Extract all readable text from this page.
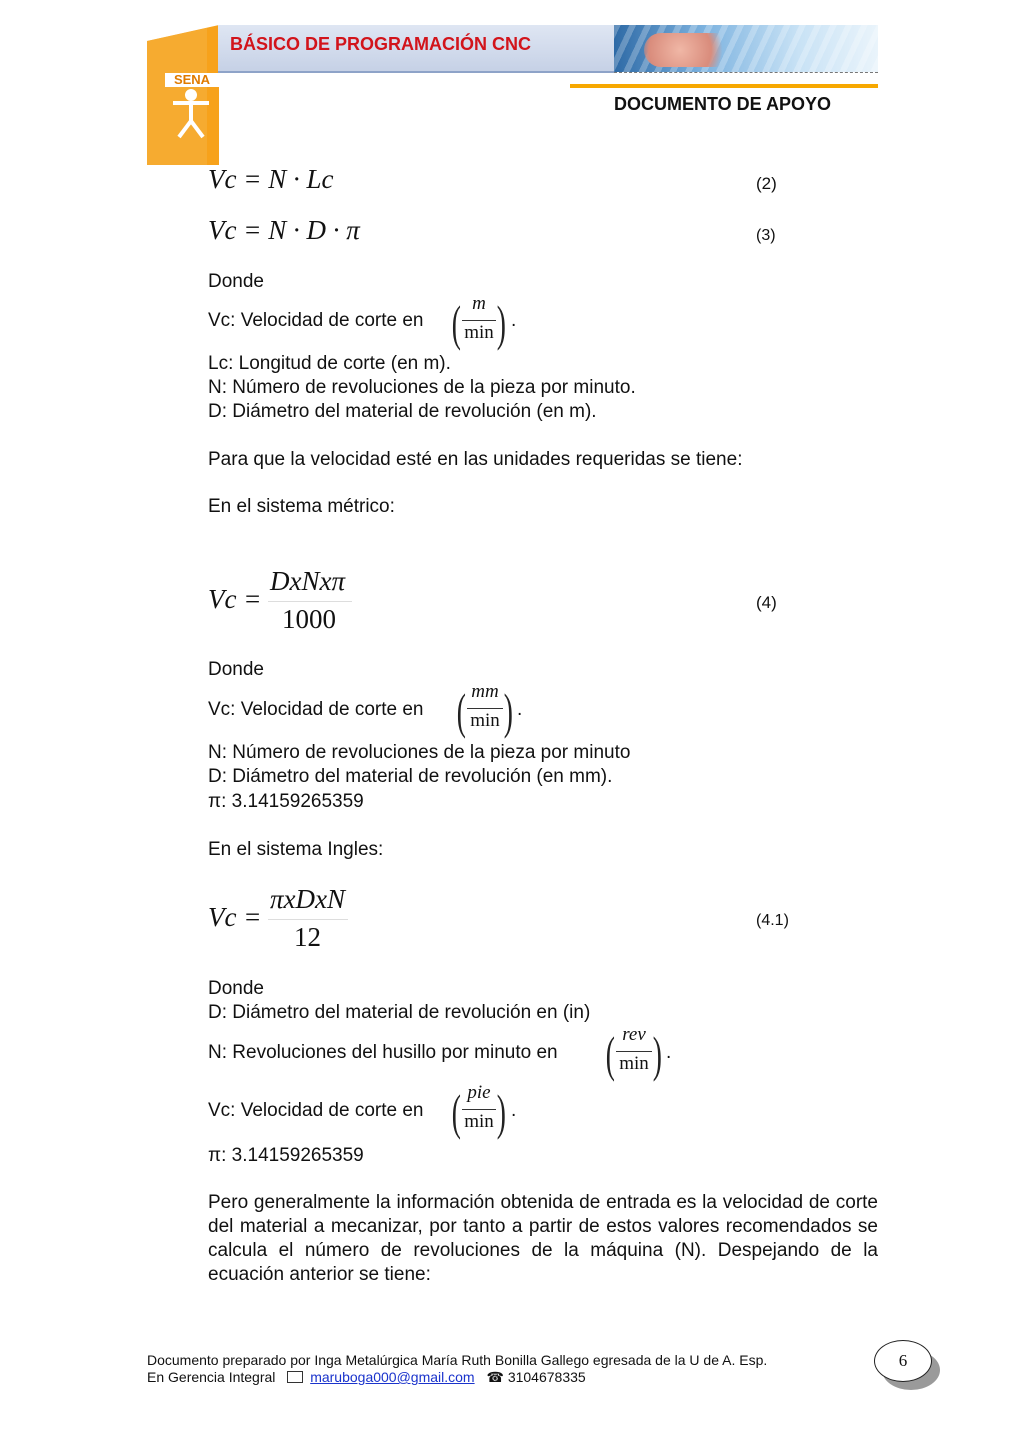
SENA
BÁSICO DE PROGRAMACIÓN CNC
DOCUMENTO DE APOYO
Vc = N · Lc	(2)
Vc = N · D · π	(3)
Donde
Vc: Velocidad de corte en ( m
min ) .
Lc: Longitud de corte (en m).
N: Número de revoluciones de la pieza por minuto.
D: Diámetro del material de revolución (en m).
Para que la velocidad esté en las unidades requeridas se tiene:
En el sistema métrico:
Vc =
DxNxπ
1000
(4)
Donde
Vc: Velocidad de corte en ( mm
min ) .
N: Número de revoluciones de la pieza por minuto
D: Diámetro del material de revolución (en mm).
π: 3.14159265359
En el sistema Ingles:
Vc =
πxDxN
12
(4.1)
Donde
D: Diámetro del material de revolución en (in)
N: Revoluciones del husillo por minuto en ( rev
min ) .
Vc: Velocidad de corte en ( pie
min ) .
π: 3.14159265359
Pero generalmente la información obtenida de entrada es la velocidad de corte del material a mecanizar, por tanto a partir de estos valores recomendados se calcula el número de revoluciones de la máquina (N). Despejando de la ecuación anterior se tiene:
Documento preparado por Inga Metalúrgica María Ruth Bonilla Gallego egresada de la U de A. Esp.
En Gerencia Integral maruboga000@gmail.com ☎ 3104678335
6
